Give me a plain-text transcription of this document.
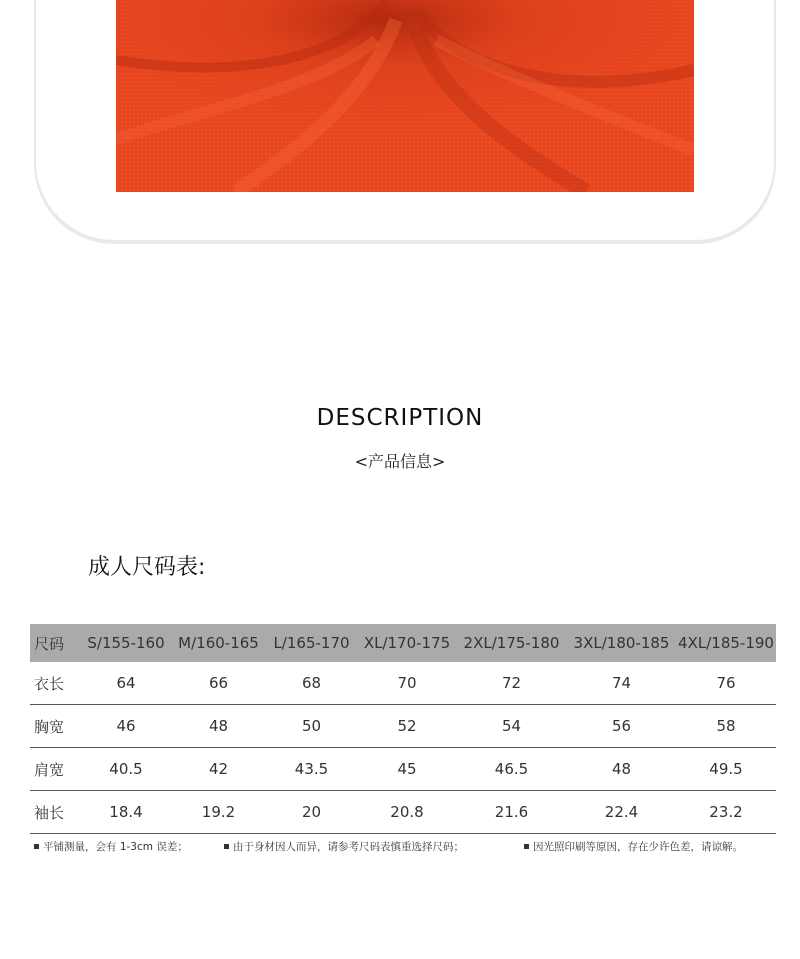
DESCRIPTION
<产品信息>
成人尺码表:
尺码	S/155-160	M/160-165	L/165-170	XL/170-175	2XL/175-180	3XL/180-185	4XL/185-190
衣长	64	66	68	70	72	74	76
胸宽	46	48	50	52	54	56	58
肩宽	40.5	42	43.5	45	46.5	48	49.5
袖长	18.4	19.2	20	20.8	21.6	22.4	23.2
平铺测量，会有 1-3cm 误差；	由于身材因人而异，请参考尺码表慎重选择尺码；	因光照印刷等原因，存在少许色差，请谅解。
